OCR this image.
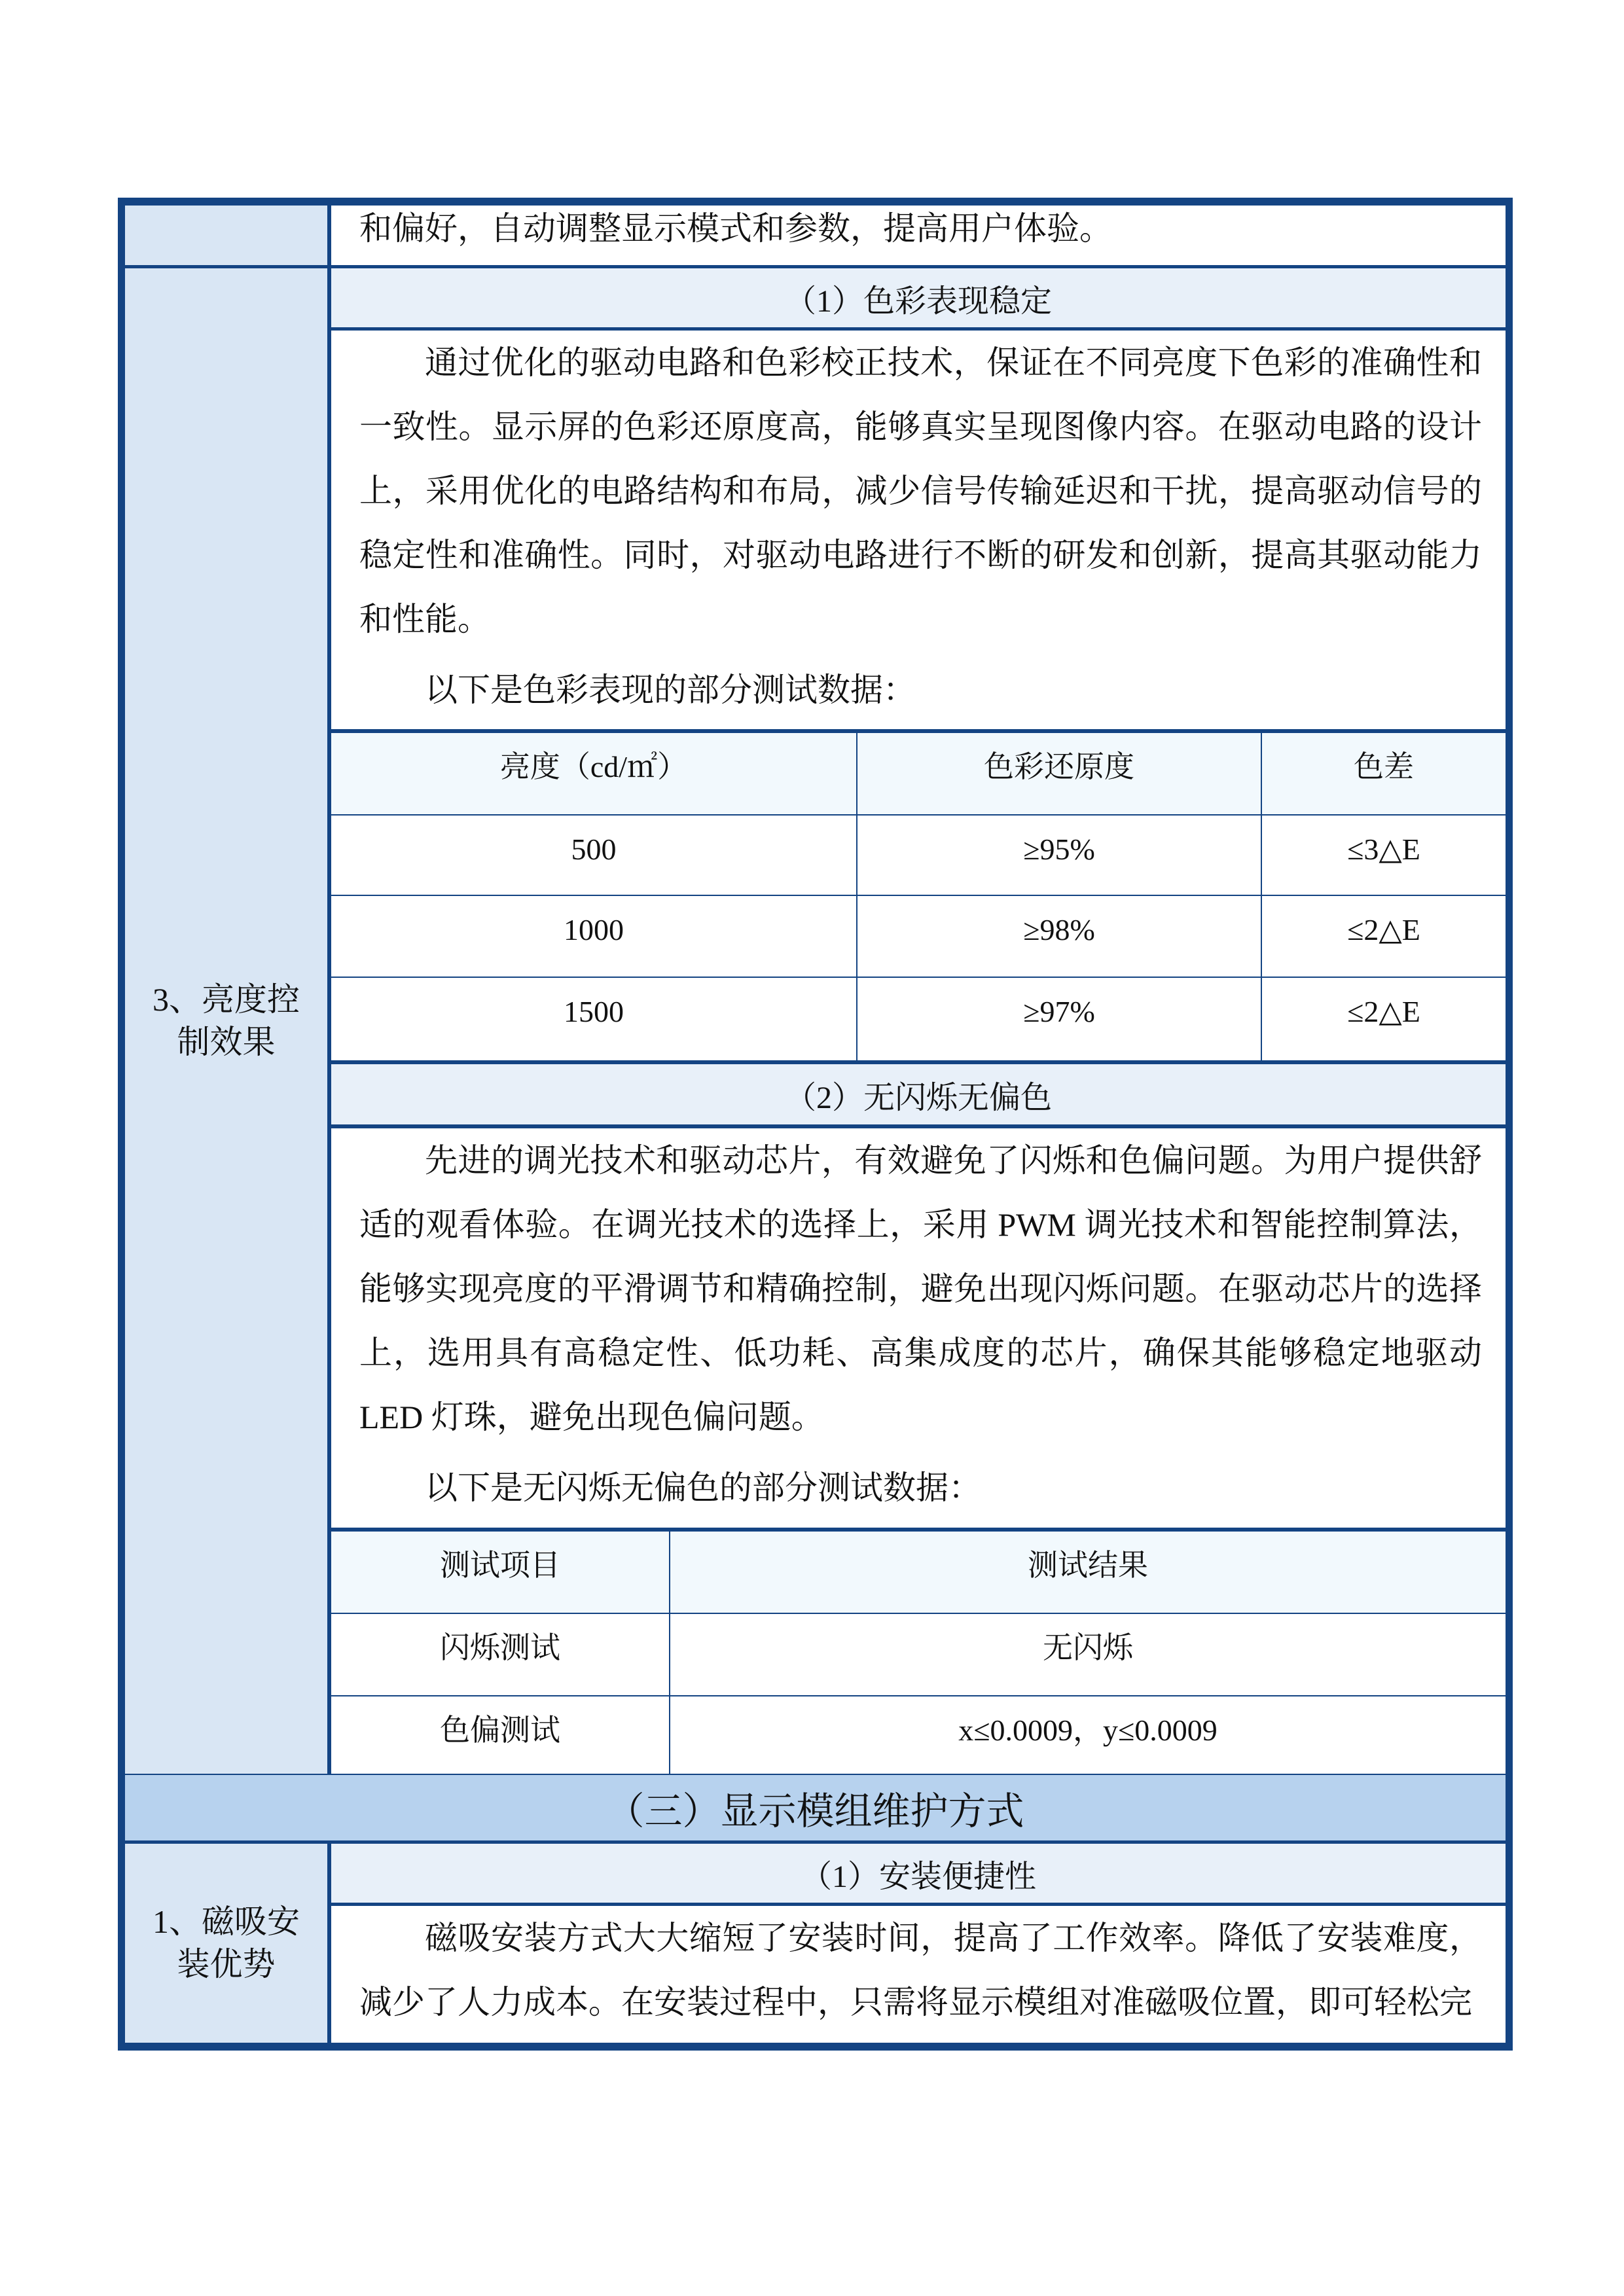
和偏好，自动调整显示模式和参数，提高用户体验。

3、亮度控制效果
（1）色彩表现稳定

通过优化的驱动电路和色彩校正技术，保证在不同亮度下色彩的准确性和一致性。显示屏的色彩还原度高，能够真实呈现图像内容。在驱动电路的设计上，采用优化的电路结构和布局，减少信号传输延迟和干扰，提高驱动信号的稳定性和准确性。同时，对驱动电路进行不断的研发和创新，提高其驱动能力和性能。

以下是色彩表现的部分测试数据：

亮度（cd/㎡）	色彩还原度	色差
500	≥95%	≤3△E
1000	≥98%	≤2△E
1500	≥97%	≤2△E
（2）无闪烁无偏色

先进的调光技术和驱动芯片，有效避免了闪烁和色偏问题。为用户提供舒适的观看体验。在调光技术的选择上，采用 PWM 调光技术和智能控制算法，能够实现亮度的平滑调节和精确控制，避免出现闪烁问题。在驱动芯片的选择上，选用具有高稳定性、低功耗、高集成度的芯片，确保其能够稳定地驱动 LED 灯珠，避免出现色偏问题。

以下是无闪烁无偏色的部分测试数据：

测试项目	测试结果
闪烁测试	无闪烁
色偏测试	x≤0.0009，y≤0.0009
（三）显示模组维护方式
1、磁吸安装优势
（1）安装便捷性

磁吸安装方式大大缩短了安装时间，提高了工作效率。降低了安装难度，减少了人力成本。在安装过程中，只需将显示模组对准磁吸位置，即可轻松完
